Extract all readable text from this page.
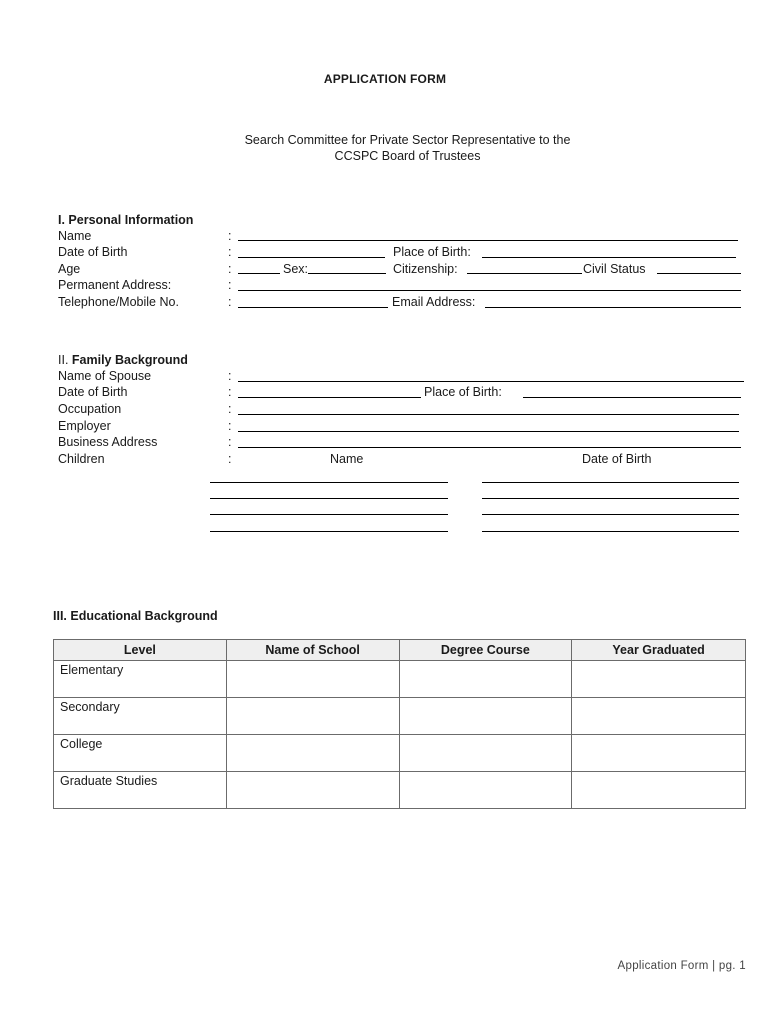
APPLICATION FORM
Search Committee for Private Sector Representative to the
CCSPC Board of Trustees
I. Personal Information
Name	:
Date of Birth	:	Place of Birth:
Age	:	Sex:	Citizenship:	Civil Status
Permanent Address:	:
Telephone/Mobile No.	:	Email Address:
II. Family Background
Name of Spouse	:
Date of Birth	:	Place of Birth:
Occupation	:
Employer	:
Business Address	:
Children	:	Name	Date of Birth
III. Educational Background
Level	Name of School	Degree Course	Year Graduated
Elementary			
Secondary			
College			
Graduate Studies			
Application Form | pg. 1
